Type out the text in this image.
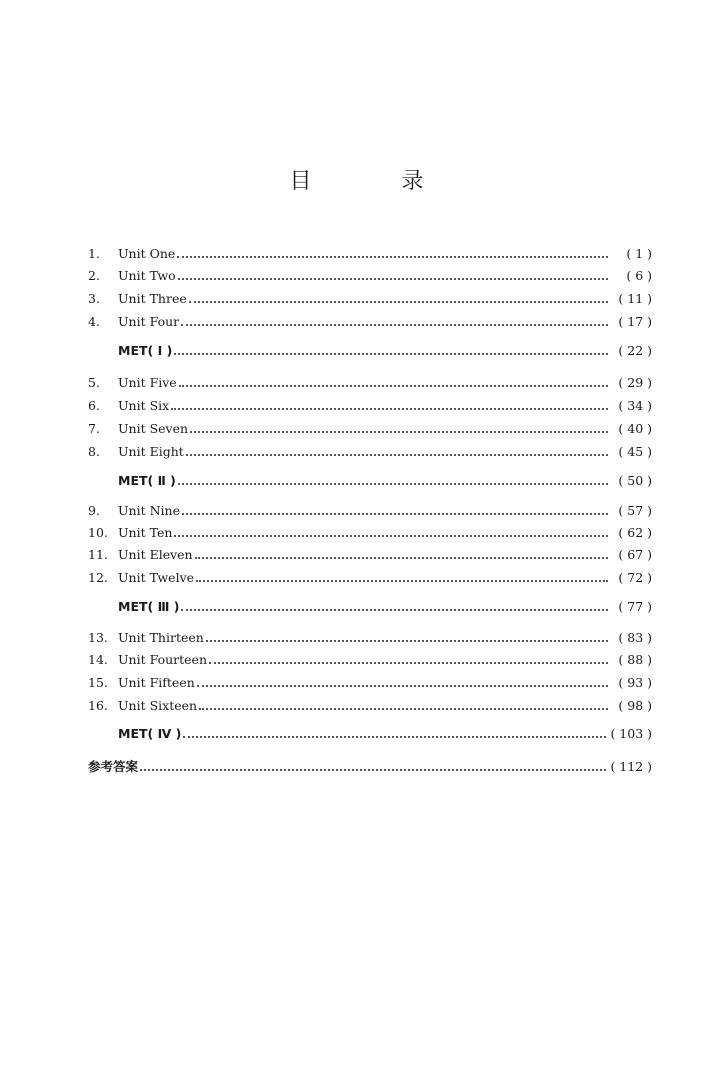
目　录
1.	Unit One	( 1 )
2.	Unit Two	( 6 )
3.	Unit Three	( 11 )
4.	Unit Four	( 17 )
MET( Ⅰ )	( 22 )
5.	Unit Five	( 29 )
6.	Unit Six	( 34 )
7.	Unit Seven	( 40 )
8.	Unit Eight	( 45 )
MET( Ⅱ )	( 50 )
9.	Unit Nine	( 57 )
10. Unit Ten	( 62 )
11. Unit Eleven	( 67 )
12. Unit Twelve	( 72 )
MET( Ⅲ )	( 77 )
13. Unit Thirteen	( 83 )
14. Unit Fourteen	( 88 )
15. Unit Fifteen	( 93 )
16. Unit Sixteen	( 98 )
MET( Ⅳ )	( 103 )
参考答案	( 112 )
